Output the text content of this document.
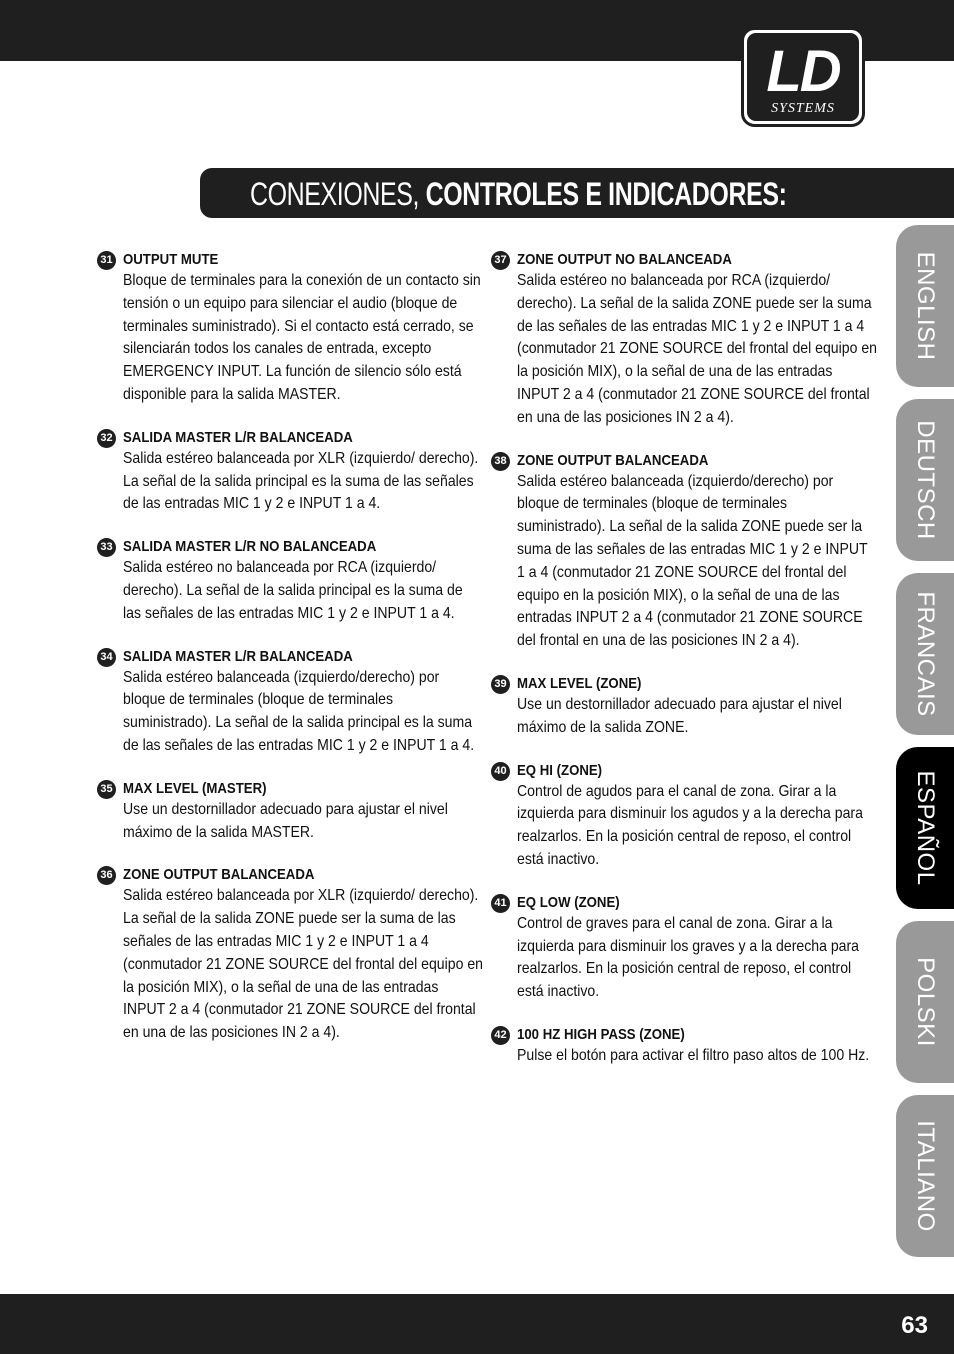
LD
SYSTEMS
CONEXIONES, CONTROLES E INDICADORES:
31 OUTPUT MUTE
Bloque de terminales para la conexión de un contacto sin tensión o un equipo para silenciar el audio (bloque de terminales suministrado). Si el contacto está cerrado, se silenciarán todos los canales de entrada, excepto EMERGENCY INPUT. La función de silencio sólo está disponible para la salida MASTER.
32 SALIDA MASTER L/R BALANCEADA
Salida estéreo balanceada por XLR (izquierdo/ derecho). La señal de la salida principal es la suma de las señales de las entradas MIC 1 y 2 e INPUT 1 a 4.
33 SALIDA MASTER L/R NO BALANCEADA
Salida estéreo no balanceada por RCA (izquierdo/ derecho). La señal de la salida principal es la suma de las señales de las entradas MIC 1 y 2 e INPUT 1 a 4.
34 SALIDA MASTER L/R BALANCEADA
Salida estéreo balanceada (izquierdo/derecho) por bloque de terminales (bloque de terminales suministrado). La señal de la salida principal es la suma de las señales de las entradas MIC 1 y 2 e INPUT 1 a 4.
35 MAX LEVEL (MASTER)
Use un destornillador adecuado para ajustar el nivel máximo de la salida MASTER.
36 ZONE OUTPUT BALANCEADA
Salida estéreo balanceada por XLR (izquierdo/ derecho). La señal de la salida ZONE puede ser la suma de las señales de las entradas MIC 1 y 2 e INPUT 1 a 4 (conmutador 21 ZONE SOURCE del frontal del equipo en la posición MIX), o la señal de una de las entradas INPUT 2 a 4 (conmutador 21 ZONE SOURCE del frontal en una de las posiciones IN 2 a 4).
37 ZONE OUTPUT NO BALANCEADA
Salida estéreo no balanceada por RCA (izquierdo/ derecho). La señal de la salida ZONE puede ser la suma de las señales de las entradas MIC 1 y 2 e INPUT 1 a 4 (conmutador 21 ZONE SOURCE del frontal del equipo en la posición MIX), o la señal de una de las entradas INPUT 2 a 4 (conmutador 21 ZONE SOURCE del frontal en una de las posiciones IN 2 a 4).
38 ZONE OUTPUT BALANCEADA
Salida estéreo balanceada (izquierdo/derecho) por bloque de terminales (bloque de terminales suministrado). La señal de la salida ZONE puede ser la suma de las señales de las entradas MIC 1 y 2 e INPUT 1 a 4 (conmutador 21 ZONE SOURCE del frontal del equipo en la posición MIX), o la señal de una de las entradas INPUT 2 a 4 (conmutador 21 ZONE SOURCE del frontal en una de las posiciones IN 2 a 4).
39 MAX LEVEL (ZONE)
Use un destornillador adecuado para ajustar el nivel máximo de la salida ZONE.
40 EQ HI (ZONE)
Control de agudos para el canal de zona. Girar a la izquierda para disminuir los agudos y a la derecha para realzarlos. En la posición central de reposo, el control está inactivo.
41 EQ LOW (ZONE)
Control de graves para el canal de zona. Girar a la izquierda para disminuir los graves y a la derecha para realzarlos. En la posición central de reposo, el control está inactivo.
42 100 HZ HIGH PASS (ZONE)
Pulse el botón para activar el filtro paso altos de 100 Hz.
ENGLISH
DEUTSCH
FRANCAIS
ESPAÑOL
POLSKI
ITALIANO
63
